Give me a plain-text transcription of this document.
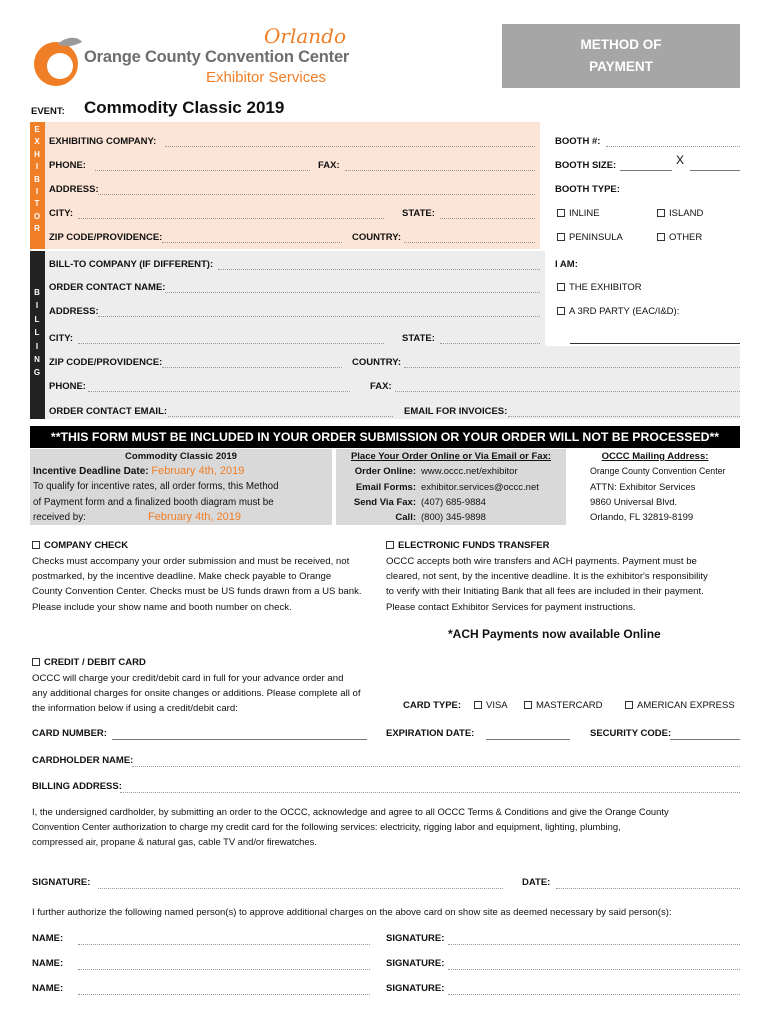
Orlando
Orange County Convention Center
Exhibitor Services
METHOD OF
PAYMENT
EVENT: Commodity Classic 2019
E
X
H
I
B
I
T
O
R
EXHIBITING COMPANY:
PHONE:	FAX:
ADDRESS:
CITY:	STATE:
ZIP CODE/PROVIDENCE:	COUNTRY:
BOOTH #:
BOOTH SIZE:	X
BOOTH TYPE:
INLINE	ISLAND
PENINSULA	OTHER
B
I
L
L
I
N
G
BILL-TO COMPANY (IF DIFFERENT):
ORDER CONTACT NAME:
ADDRESS:
CITY:	STATE:
ZIP CODE/PROVIDENCE:	COUNTRY:
PHONE:	FAX:
ORDER CONTACT EMAIL:	EMAIL FOR INVOICES:
I AM:
THE EXHIBITOR
A 3RD PARTY (EAC/I&D):
**THIS FORM MUST BE INCLUDED IN YOUR ORDER SUBMISSION OR YOUR ORDER WILL NOT BE PROCESSED**
Commodity Classic 2019
Incentive Deadline Date: February 4th, 2019
To qualify for incentive rates, all order forms, this Method
of Payment form and a finalized booth diagram must be
received by:	February 4th, 2019
Place Your Order Online or Via Email or Fax:
Order Online: www.occc.net/exhibitor
Email Forms: exhibitor.services@occc.net
Send Via Fax: (407) 685-9884
Call: (800) 345-9898
OCCC Mailing Address:
Orange County Convention Center
ATTN: Exhibitor Services
9860 Universal Blvd.
Orlando, FL 32819-8199
COMPANY CHECK
Checks must accompany your order submission and must be received, not
postmarked, by the incentive deadline. Make check payable to Orange
County Convention Center. Checks must be US funds drawn from a US bank.
Please include your show name and booth number on check.
ELECTRONIC FUNDS TRANSFER
OCCC accepts both wire transfers and ACH payments. Payment must be
cleared, not sent, by the incentive deadline. It is the exhibitor's responsibility
to verify with their Initiating Bank that all fees are included in their payment.
Please contact Exhibitor Services for payment instructions.
*ACH Payments now available Online
CREDIT / DEBIT CARD
OCCC will charge your credit/debit card in full for your advance order and
any additional charges for onsite changes or additions. Please complete all of
the information below if using a credit/debit card:	CARD TYPE:	VISA	MASTERCARD	AMERICAN EXPRESS
CARD NUMBER:	EXPIRATION DATE:	SECURITY CODE:
CARDHOLDER NAME:
BILLING ADDRESS:
I, the undersigned cardholder, by submitting an order to the OCCC, acknowledge and agree to all OCCC Terms & Conditions and give the Orange County
Convention Center authorization to charge my credit card for the following services: electricity, rigging labor and equipment, lighting, plumbing,
compressed air, propane & natural gas, cable TV and/or firewatches.
SIGNATURE:	DATE:
I further authorize the following named person(s) to approve additional charges on the above card on show site as deemed necessary by said person(s):
NAME:	SIGNATURE:
NAME:	SIGNATURE:
NAME:	SIGNATURE:
